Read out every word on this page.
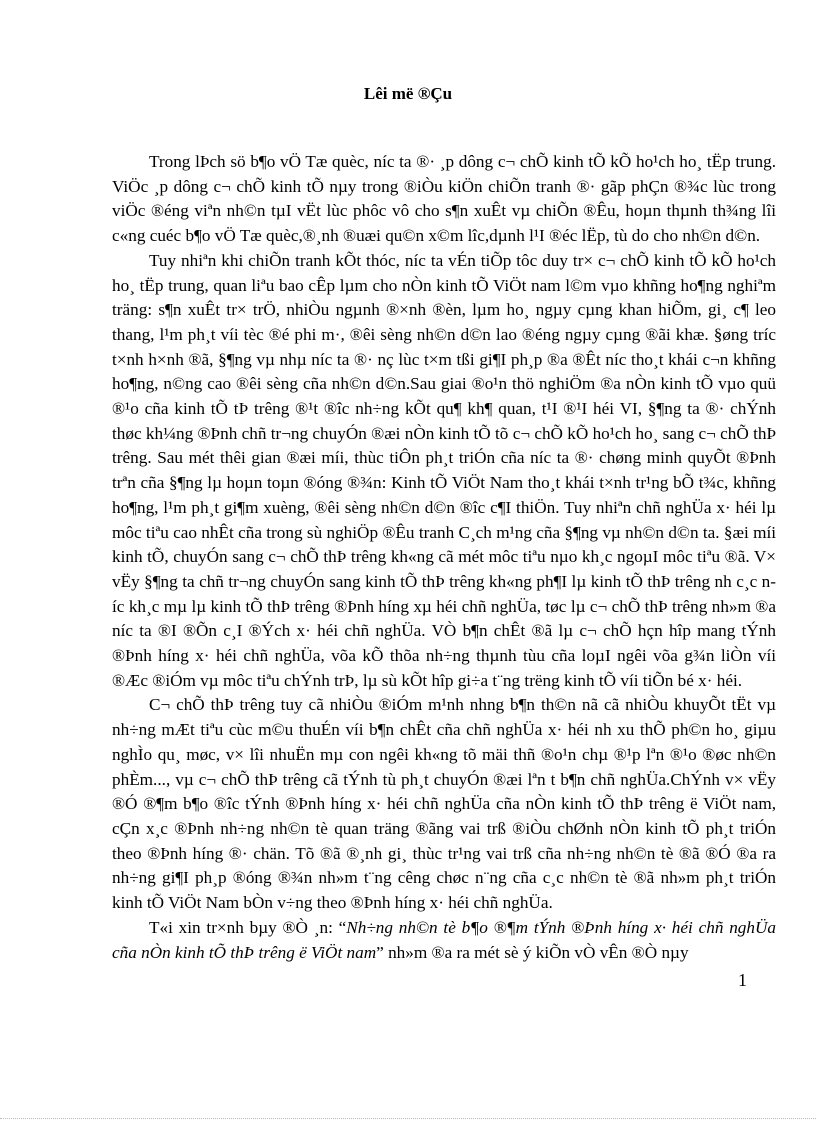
Lêi më ®Çu

Trong lÞch sö b¶o vÖ Tæ quèc, níc ta ®· ¸p dông c¬ chÕ kinh tÕ kÕ ho¹ch ho¸ tËp trung. ViÖc ¸p dông c¬ chÕ kinh tÕ nµy trong ®iÒu kiÖn chiÕn tranh ®· gãp phÇn ®¾c lùc trong viÖc ®éng viªn nh©n tµI vËt lùc phôc vô cho s¶n xuÊt vµ chiÕn ®Êu, hoµn thµnh th¾ng lîi c«ng cuéc b¶o vÖ Tæ quèc,®¸nh ®uæi qu©n x©m lîc,dµnh l¹I ®éc lËp, tù do cho nh©n d©n.

Tuy nhiªn khi chiÕn tranh kÕt thóc, níc ta vÉn tiÕp tôc duy tr× c¬ chÕ kinh tÕ kÕ ho¹ch ho¸ tËp trung, quan liªu bao cÊp lµm cho nÒn kinh tÕ ViÖt nam l©m vµo khñng ho¶ng nghiªm träng: s¶n xuÊt tr× trÖ, nhiÒu ngµnh ®×nh ®èn, lµm ho¸ ngµy cµng khan hiÕm, gi¸ c¶ leo thang, l¹m ph¸t víi tèc ®é phi m·, ®êi sèng nh©n d©n lao ®éng ngµy cµng ®ãi khæ. §øng tríc t×nh h×nh ®ã, §¶ng vµ nhµ níc ta ®· nç lùc t×m tßi gi¶I ph¸p ®a ®Êt níc tho¸t khái c¬n khñng ho¶ng, n©ng cao ®êi sèng cña nh©n d©n.Sau giai ®o¹n thö nghiÖm ®a nÒn kinh tÕ vµo quü ®¹o cña kinh tÕ tÞ trêng ®¹t ®îc nh÷ng kÕt qu¶ kh¶ quan, t¹I ®¹I héi VI, §¶ng ta ®· chÝnh thøc kh¼ng ®Þnh chñ tr¬ng chuyÓn ®æi nÒn kinh tÕ tõ c¬ chÕ kÕ ho¹ch ho¸ sang c¬ chÕ thÞ trêng. Sau mét thêi gian ®æi míi, thùc tiÔn ph¸t triÓn cña níc ta ®· chøng minh quyÕt ®Þnh trªn cña §¶ng lµ hoµn toµn ®óng ®¾n: Kinh tÕ ViÖt Nam tho¸t khái t×nh tr¹ng bÕ t¾c, khñng ho¶ng, l¹m ph¸t gi¶m xuèng, ®êi sèng nh©n d©n ®îc c¶I thiÖn. Tuy nhiªn chñ nghÜa x· héi lµ môc tiªu cao nhÊt cña trong sù nghiÖp ®Êu tranh C¸ch m¹ng cña §¶ng vµ nh©n d©n ta. §æi míi kinh tÕ, chuyÓn sang c¬ chÕ thÞ trêng kh«ng cã mét môc tiªu nµo kh¸c ngoµI môc tiªu ®ã. V× vËy §¶ng ta chñ tr¬ng chuyÓn sang kinh tÕ thÞ trêng kh«ng ph¶I lµ kinh tÕ thÞ trêng nh c¸c níc kh¸c mµ lµ kinh tÕ thÞ trêng ®Þnh híng xµ héi chñ nghÜa, tøc lµ c¬ chÕ thÞ trêng nh»m ®a níc ta ®I ®Õn c¸I ®Ých x· héi chñ nghÜa. VÒ b¶n chÊt ®ã lµ c¬ chÕ hçn hîp mang tÝnh ®Þnh híng x· héi chñ nghÜa, võa kÕ thõa nh÷ng thµnh tùu cña loµI ngêi võa g¾n liÒn víi ®Æc ®iÓm vµ môc tiªu chÝnh trÞ, lµ sù kÕt hîp gi÷a t¨ng trëng kinh tÕ víi tiÕn bé x· héi.

C¬ chÕ thÞ trêng tuy cã nhiÒu ®iÓm m¹nh nhng b¶n th©n nã cã nhiÒu khuyÕt tËt vµ nh÷ng mÆt tiªu cùc m©u thuÉn víi b¶n chÊt cña chñ nghÜa x· héi nh xu thÕ ph©n ho¸ giµu nghÌo qu¸ møc, v× lîi nhuËn mµ con ngêi kh«ng tõ mäi thñ ®o¹n chµ ®¹p lªn ®¹o ®øc nh©n phÈm..., vµ c¬ chÕ thÞ trêng cã tÝnh tù ph¸t chuyÓn ®æi lªn t b¶n chñ nghÜa.ChÝnh v× vËy ®Ó ®¶m b¶o ®îc tÝnh ®Þnh híng x· héi chñ nghÜa cña nÒn kinh tÕ thÞ trêng ë ViÖt nam, cÇn x¸c ®Þnh nh÷ng nh©n tè quan träng ®ãng vai trß ®iÒu chØnh nÒn kinh tÕ ph¸t triÓn theo ®Þnh híng ®· chän. Tõ ®ã ®¸nh gi¸ thùc tr¹ng vai trß cña nh÷ng nh©n tè ®ã ®Ó ®a ra nh÷ng gi¶I ph¸p ®óng ®¾n nh»m t¨ng cêng chøc n¨ng cña c¸c nh©n tè ®ã nh»m ph¸t triÓn kinh tÕ ViÖt Nam bÒn v÷ng theo ®Þnh híng x· héi chñ nghÜa.

T«i xin tr×nh bµy ®Ò ¸n: “Nh÷ng nh©n tè b¶o ®¶m tÝnh ®Þnh híng x· héi chñ nghÜa cña nÒn kinh tÕ thÞ trêng ë ViÖt nam” nh»m ®a ra mét sè ý kiÕn vÒ vÊn ®Ò nµy

1
